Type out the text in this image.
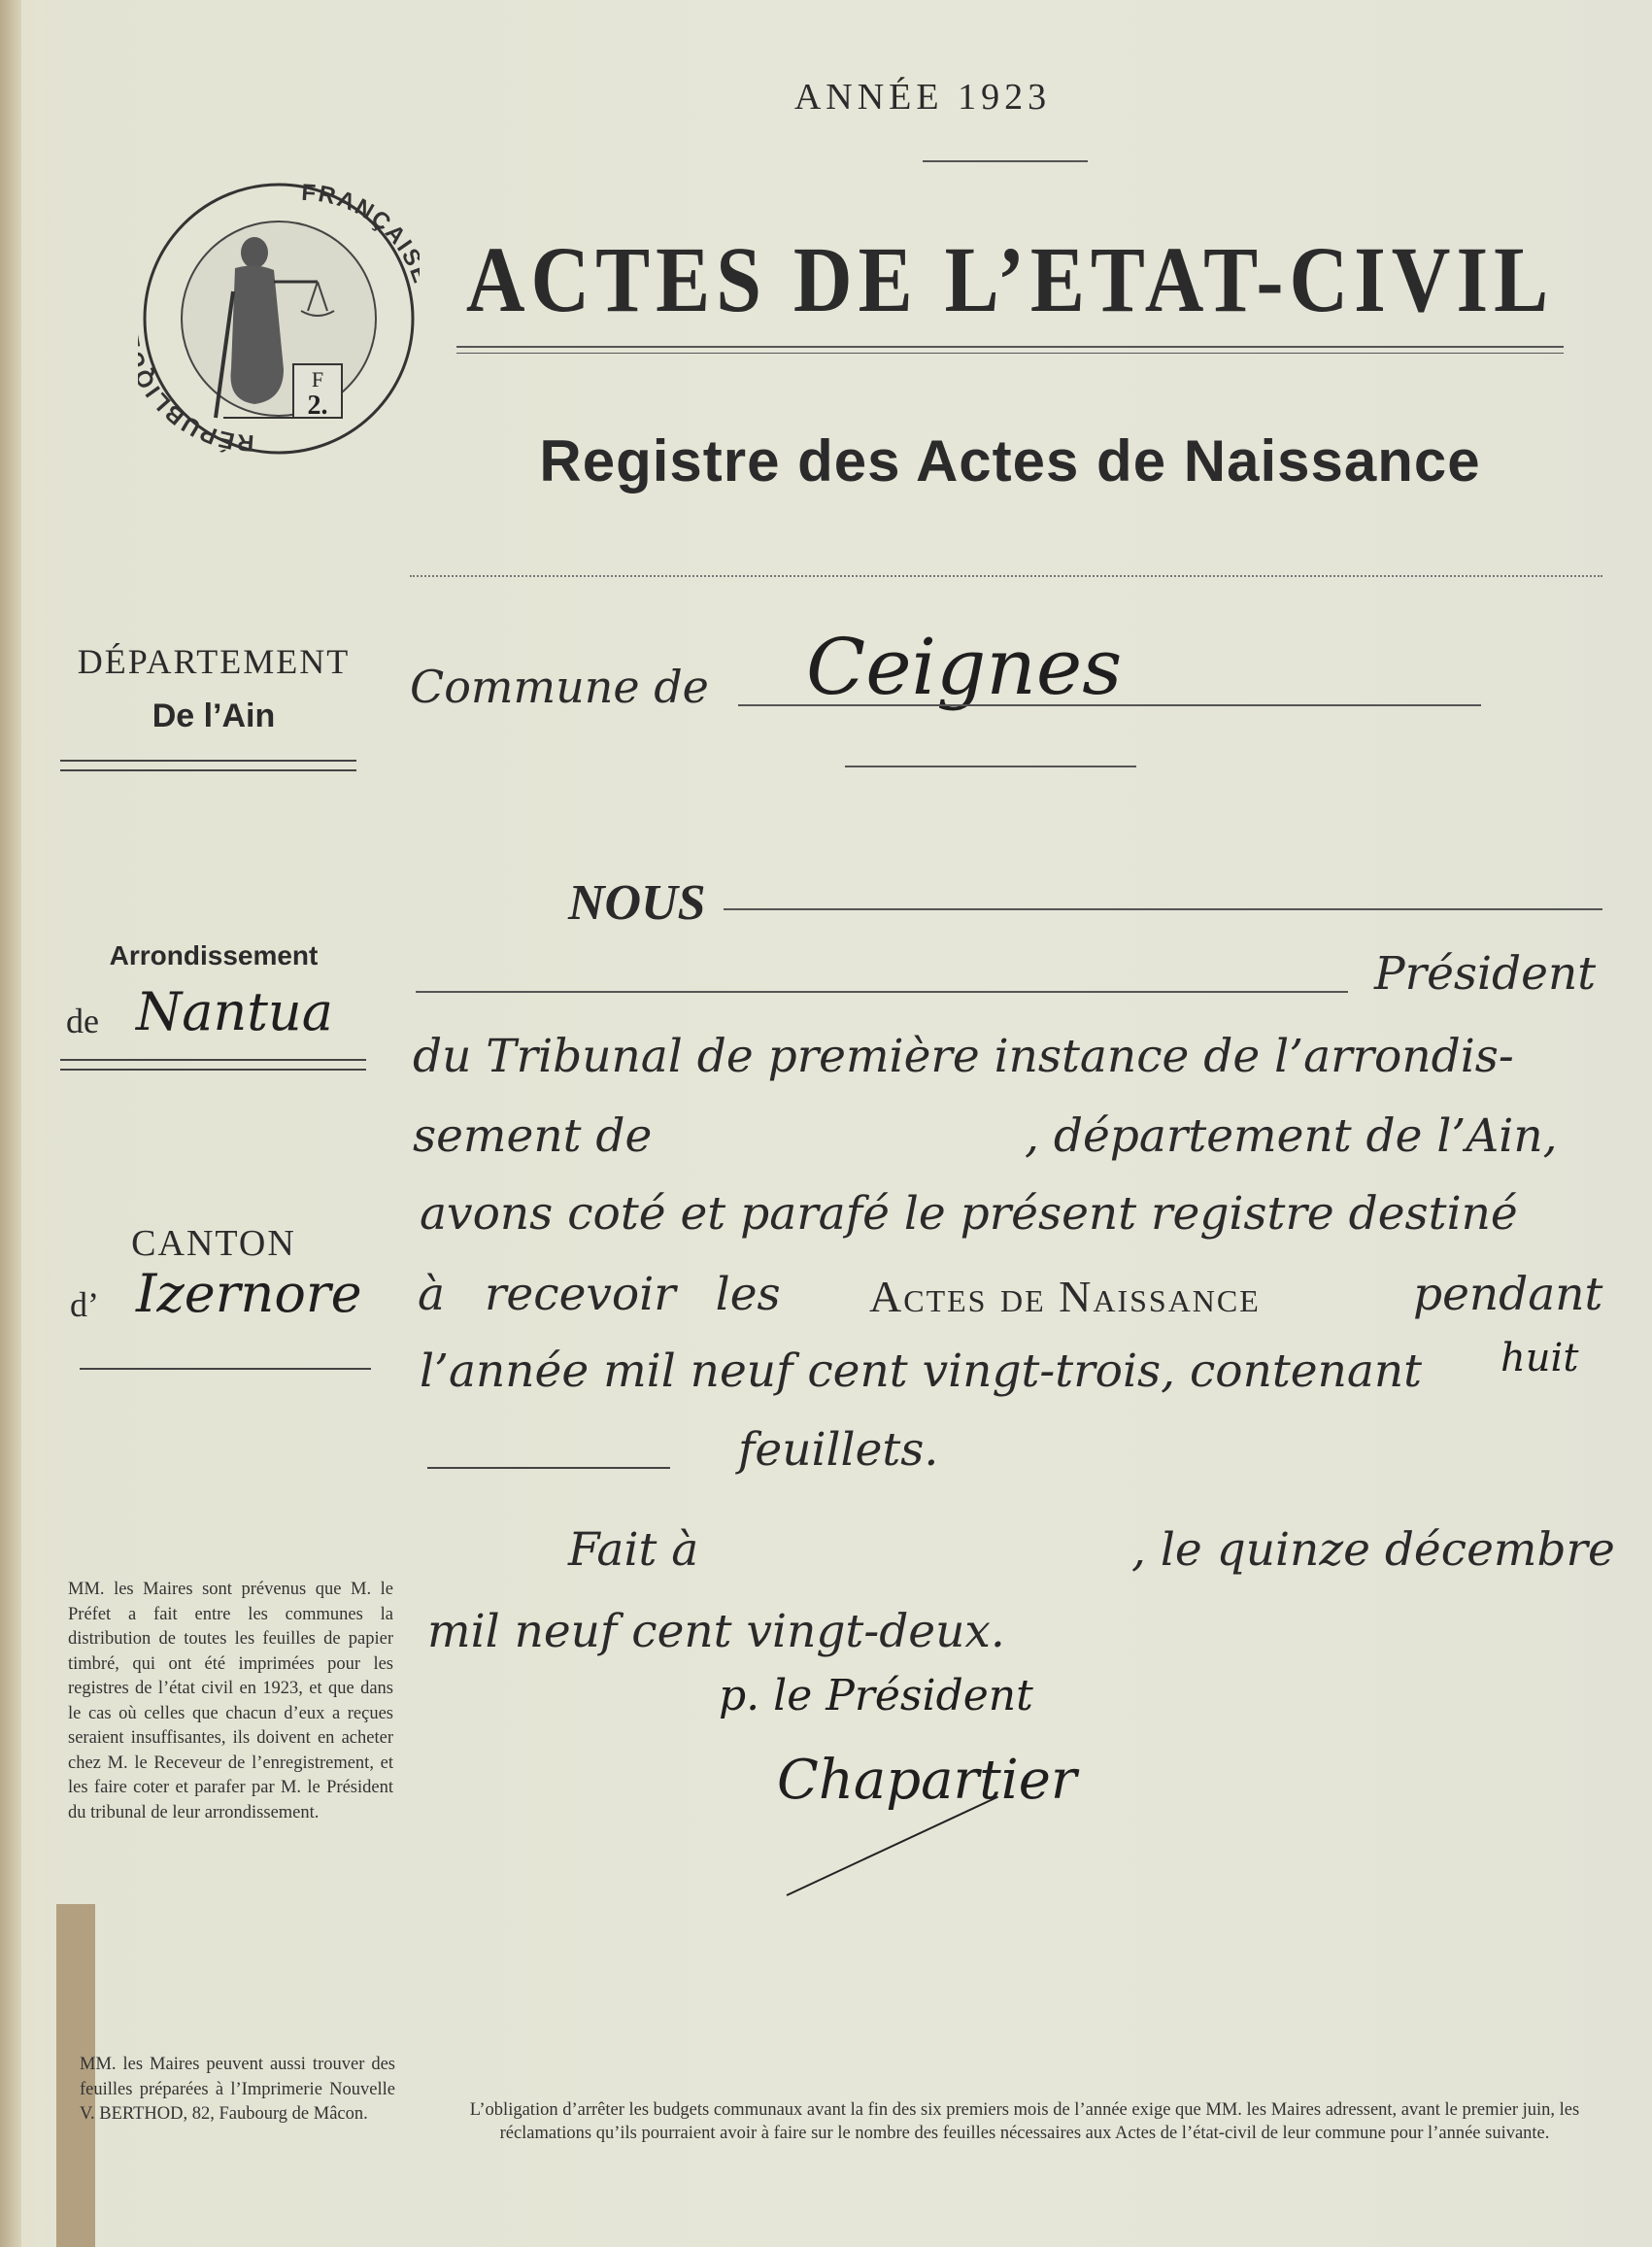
ANNÉE 1923
ACTES DE L’ETAT-CIVIL
Registre des Actes de Naissance
RÉPUBLI
FRANÇAI
F
2.
DÉPARTEMENT
De l’Ain
Arrondissement
de Nantua
CANTON
d’ Izernore
MM. les Maires sont prévenus que M. le Préfet a fait entre les communes la distribution de toutes les feuilles de papier timbré, qui ont été imprimées pour les registres de l’état civil en 1923, et que dans le cas où celles que chacun d’eux a reçues seraient insuffisantes, ils doivent en acheter chez M. le Receveur de l’enregistrement, et les faire coter et parafer par M. le Président du tribunal de leur arrondissement.
MM. les Maires peuvent aussi trouver des feuilles préparées à l’Imprimerie Nouvelle V. BERTHOD, 82, Faubourg de Mâcon.
Commune de Ceignes
NOUS
Président
du Tribunal de première instance de l’arrondis-
sement de	, département de l’Ain,
avons coté et parafé le présent registre destiné
à recevoir les Actes de Naissance	pendant
l’année mil neuf cent vingt-trois, contenant huit
feuillets.
Fait à	, le quinze décembre
mil neuf cent vingt-deux.
p. le Président
Chapartier
L’obligation d’arrêter les budgets communaux avant la fin des six premiers mois de l’année exige que MM. les Maires adressent, avant le premier juin, les réclamations qu’ils pourraient avoir à faire sur le nombre des feuilles nécessaires aux Actes de l’état-civil de leur commune pour l’année suivante.
